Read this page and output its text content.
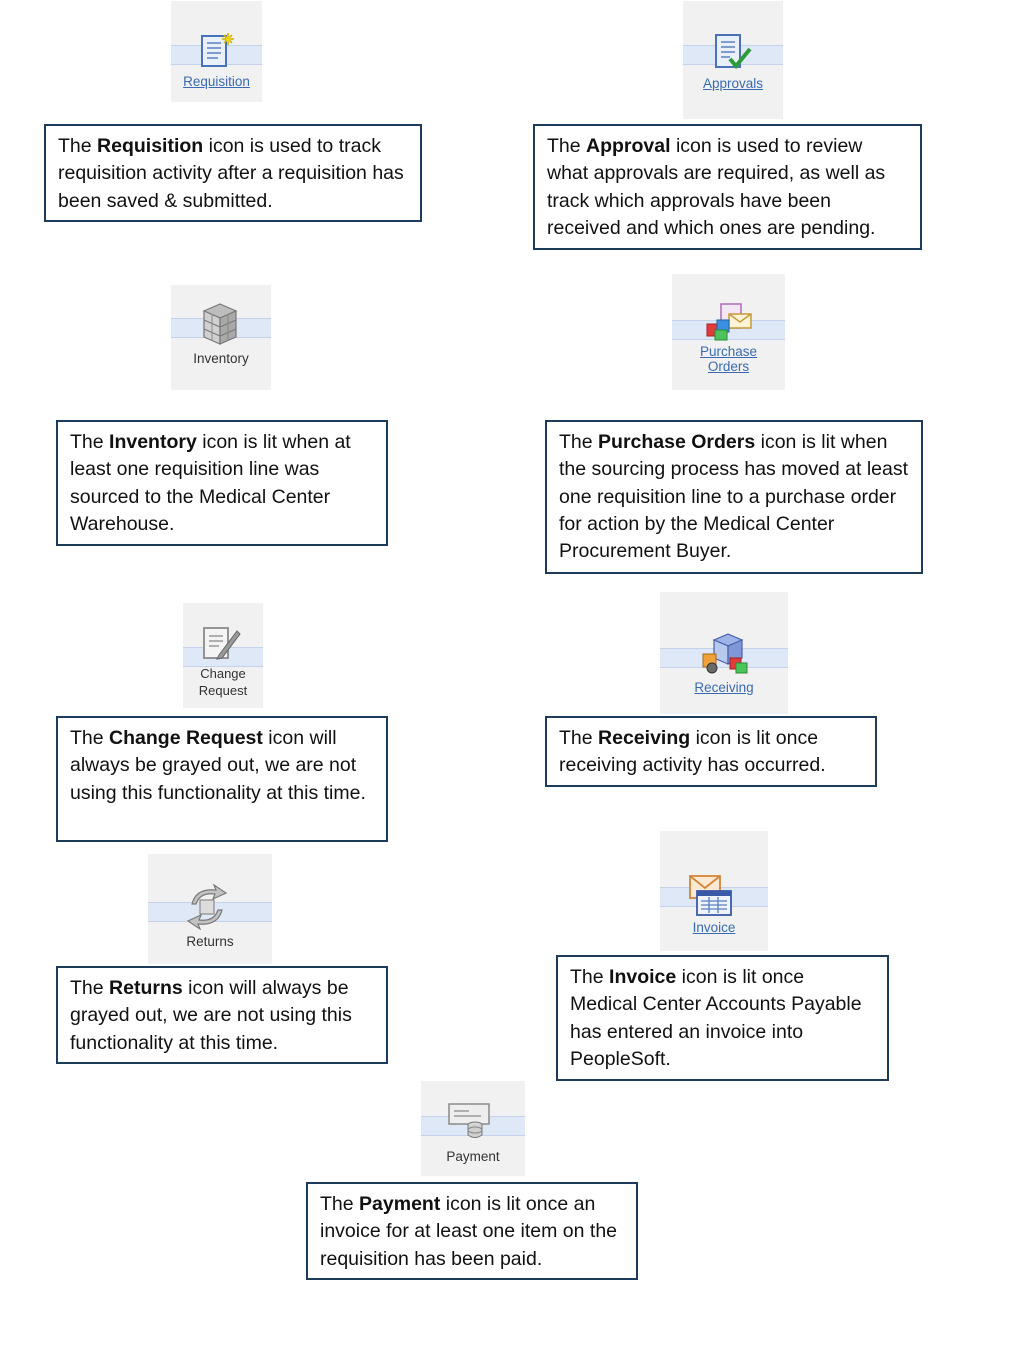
Requisition	Approvals
The Requisition icon is used to track requisition activity after a requisition has been saved & submitted.
The Approval icon is used to review what approvals are required, as well as track which approvals have been received and which ones are pending.
Inventory	Purchase
Orders
The Inventory icon is lit when at least one requisition line was sourced to the Medical Center Warehouse.
The Purchase Orders icon is lit when the sourcing process has moved at least one requisition line to a purchase order for action by the Medical Center Procurement Buyer.
Change
Request	Receiving
The Change Request icon will always be grayed out, we are not using this functionality at this time.
The Receiving icon is lit once receiving activity has occurred.
Returns
Invoice
The Returns icon will always be grayed out, we are not using this functionality at this time.
The Invoice icon is lit once Medical Center Accounts Payable has entered an invoice into PeopleSoft.
Payment
The Payment icon is lit once an invoice for at least one item on the requisition has been paid.
